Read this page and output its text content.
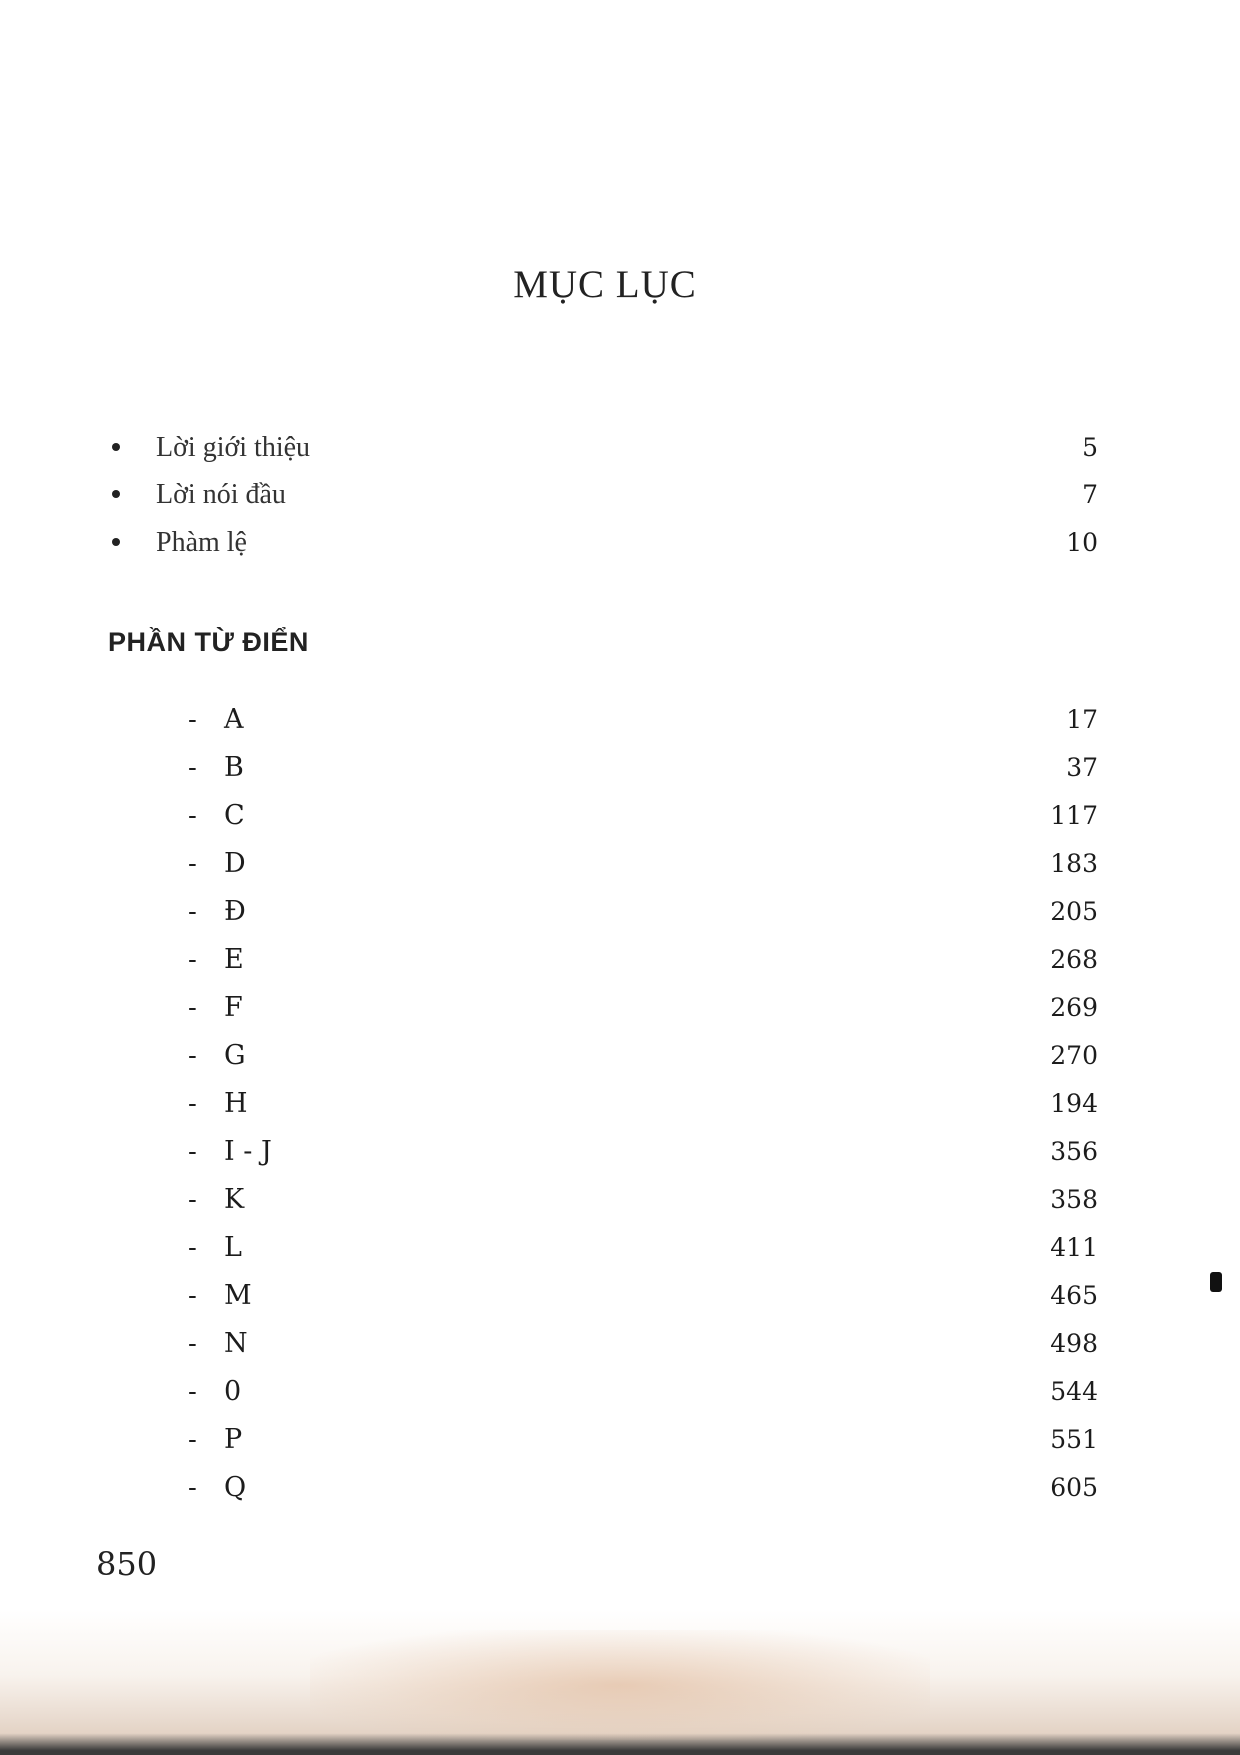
MỤC LỤC
Lời giới thiệu	5
Lời nói đầu	7
Phàm lệ	10
PHẦN TỪ ĐIỂN
- A	17
- B	37
- C	117
- D	183
- Đ	205
- E	268
- F	269
- G	270
- H	194
- I - J	356
- K	358
- L	411
- M	465
- N	498
- 0	544
- P	551
- Q	605
850
